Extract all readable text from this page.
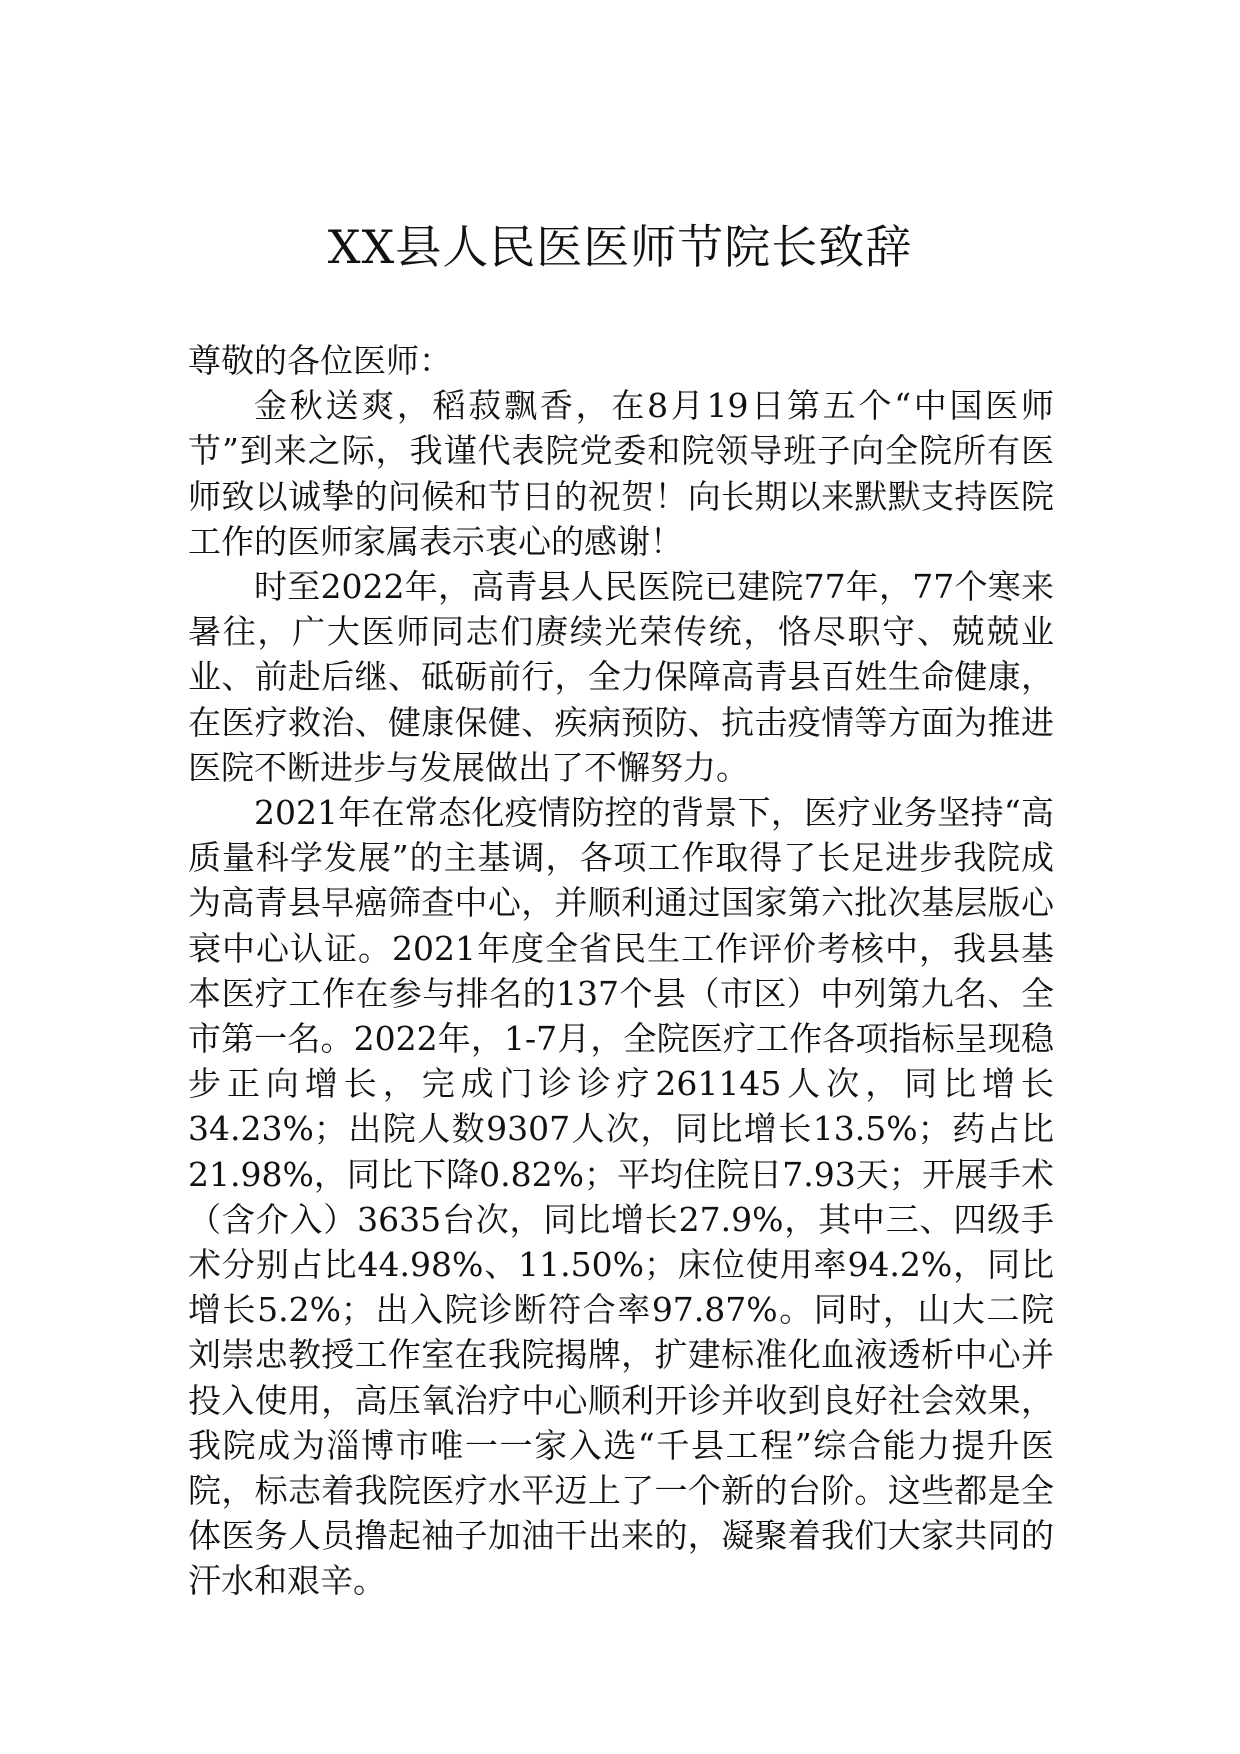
XX县人民医医师节院长致辞

尊敬的各位医师：

金秋送爽，稻菽飘香，在8月19日第五个“中国医师节”到来之际，我谨代表院党委和院领导班子向全院所有医师致以诚挚的问候和节日的祝贺！向长期以来默默支持医院工作的医师家属表示衷心的感谢！

时至2022年，高青县人民医院已建院77年，77个寒来暑往，广大医师同志们赓续光荣传统，恪尽职守、兢兢业业、前赴后继、砥砺前行，全力保障高青县百姓生命健康，在医疗救治、健康保健、疾病预防、抗击疫情等方面为推进医院不断进步与发展做出了不懈努力。

2021年在常态化疫情防控的背景下，医疗业务坚持“高质量科学发展”的主基调，各项工作取得了长足进步我院成为高青县早癌筛查中心，并顺利通过国家第六批次基层版心衰中心认证。2021年度全省民生工作评价考核中，我县基本医疗工作在参与排名的137个县（市区）中列第九名、全市第一名。2022年，1-7月，全院医疗工作各项指标呈现稳步正向增长，完成门诊诊疗261145人次，同比增长34.23%；出院人数9307人次，同比增长13.5%；药占比21.98%，同比下降0.82%；平均住院日7.93天；开展手术（含介入）3635台次，同比增长27.9%，其中三、四级手术分别占比44.98%、11.50%；床位使用率94.2%，同比增长5.2%；出入院诊断符合率97.87%。同时，山大二院刘崇忠教授工作室在我院揭牌，扩建标准化血液透析中心并投入使用，高压氧治疗中心顺利开诊并收到良好社会效果，我院成为淄博市唯一一家入选“千县工程”综合能力提升医院，标志着我院医疗水平迈上了一个新的台阶。这些都是全体医务人员撸起袖子加油干出来的，凝聚着我们大家共同的汗水和艰辛。
